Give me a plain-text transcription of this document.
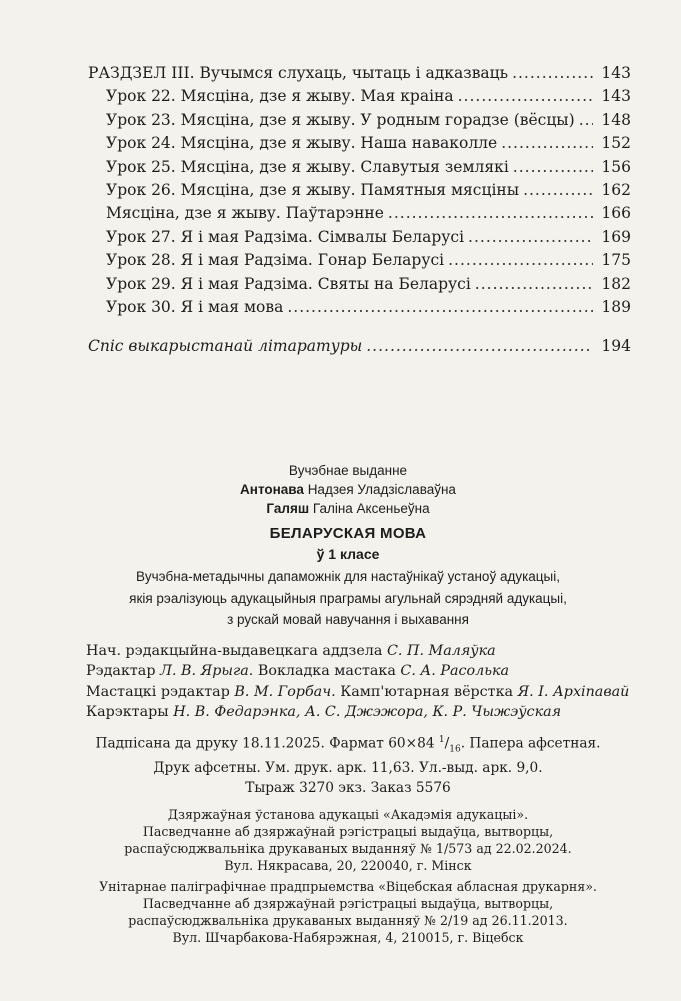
РАЗДЗЕЛ III. Вучымся слухаць, чытаць і адказваць .....	143
Урок 22. Мясціна, дзе я жыву. Мая краіна .....	143
Урок 23. Мясціна, дзе я жыву. У родным горадзе (вёсцы) ..... 148
Урок 24. Мясціна, дзе я жыву. Наша наваколле .....	152
Урок 25. Мясціна, дзе я жыву. Славутыя землякі .....	156
Урок 26. Мясціна, дзе я жыву. Памятныя мясціны .....	162
Мясціна, дзе я жыву. Паўтарэнне .....	166
Урок 27. Я і мая Радзіма. Сімвалы Беларусі .....	169
Урок 28. Я і мая Радзіма. Гонар Беларусі .....	175
Урок 29. Я і мая Радзіма. Святы на Беларусі .....	182
Урок 30. Я і мая мова .....	189
Спіс выкарыстанай літаратуры .....	194
Вучэбнае выданне
Антонава Надзея Уладзіславаўна
Галяш Галіна Аксеньеўна
БЕЛАРУСКАЯ МОВА
ў 1 класе
Вучэбна-метадычны дапаможнік для настаўнікаў устаноў адукацыі,
якія рэалізуюць адукацыйныя праграмы агульнай сярэдняй адукацыі,
з рускай мовай навучання і выхавання
Нач. рэдакцыйна-выдавецкага аддзела С. П. Маляўка
Рэдактар Л. В. Ярыга. Вокладка мастака С. А. Расолька
Мастацкі рэдактар В. М. Горбач. Камп'ютарная вёрстка Я. І. Архіпавай
Карэктары Н. В. Федарэнка, А. С. Джэжора, К. Р. Чыжэўская
Падпісана да друку 18.11.2025. Фармат 60×84 $^1/_{16}$. Папера афсетная.
Друк афсетны. Ум. друк. арк. 11,63. Ул.-выд. арк. 9,0.
Тыраж 3270 экз. Заказ 5576
Дзяржаўная ўстанова адукацыі «Акадэмія адукацыі».
Пасведчанне аб дзяржаўнай рэгістрацыі выдаўца, вытворцы,
распаўсюджвальніка друкаваных выданняў № 1/573 ад 22.02.2024.
Вул. Някрасава, 20, 220040, г. Мінск
Унітарнае паліграфічнае прадпрыемства «Віцебская абласная друкарня».
Пасведчанне аб дзяржаўнай рэгістрацыі выдаўца, вытворцы,
распаўсюджвальніка друкаваных выданняў № 2/19 ад 26.11.2013.
Вул. Шчарбакова-Набярэжная, 4, 210015, г. Віцебск
